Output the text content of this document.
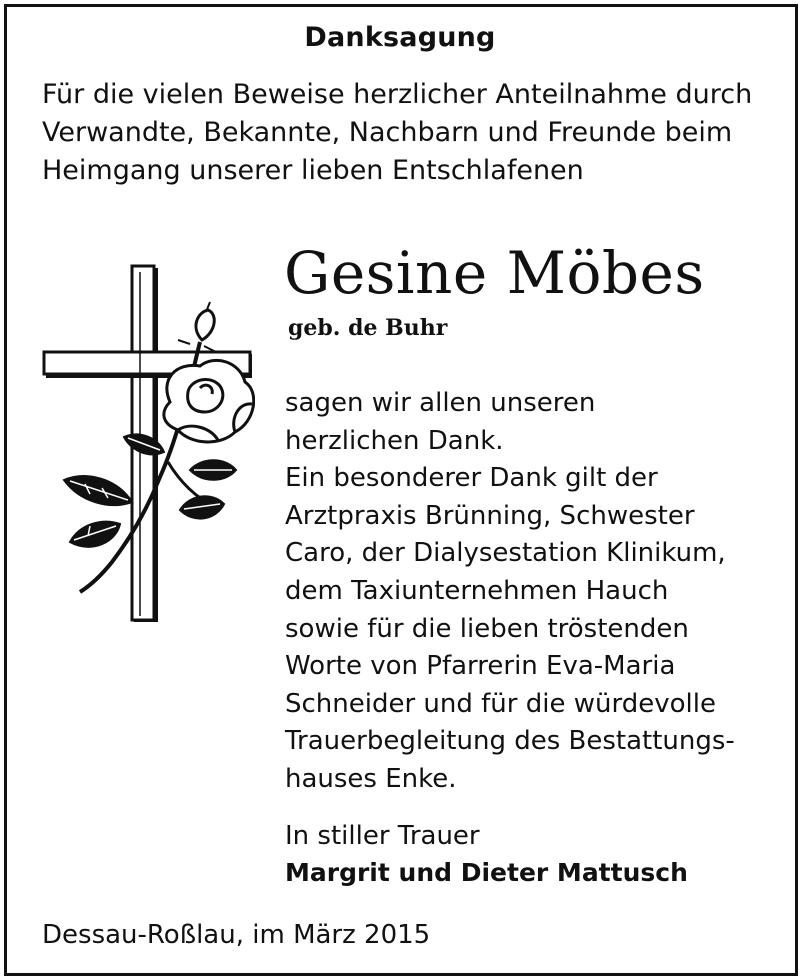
Danksagung
Für die vielen Beweise herzlicher Anteilnahme durch
Verwandte, Bekannte, Nachbarn und Freunde beim
Heimgang unserer lieben Entschlafenen
Gesine Möbes
geb. de Buhr
sagen wir allen unseren
herzlichen Dank.
Ein besonderer Dank gilt der
Arztpraxis Brünning, Schwester
Caro, der Dialysestation Klinikum,
dem Taxiunternehmen Hauch
sowie für die lieben tröstenden
Worte von Pfarrerin Eva-Maria
Schneider und für die würdevolle
Trauerbegleitung des Bestattungs-
hauses Enke.
In stiller Trauer
Margrit und Dieter Mattusch
Dessau-Roßlau, im März 2015
